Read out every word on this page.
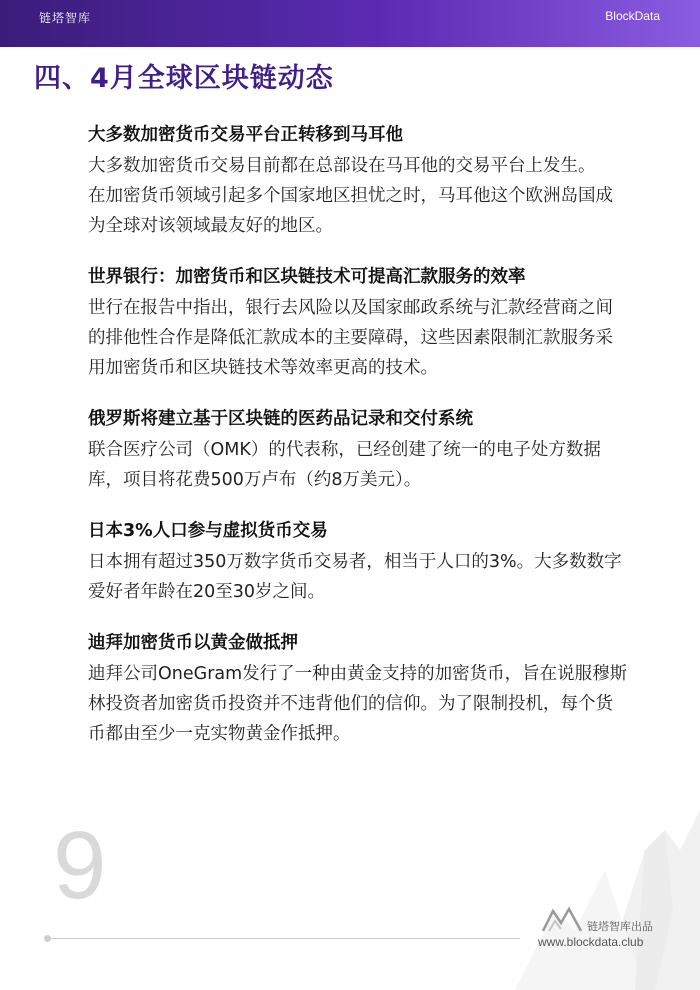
链塔智库	BlockData
四、4月全球区块链动态
大多数加密货币交易平台正转移到马耳他

大多数加密货币交易目前都在总部设在马耳他的交易平台上发生。

在加密货币领域引起多个国家地区担忧之时，马耳他这个欧洲岛国成为全球对该领域最友好的地区。

世界银行：加密货币和区块链技术可提高汇款服务的效率

世行在报告中指出，银行去风险以及国家邮政系统与汇款经营商之间的排他性合作是降低汇款成本的主要障碍，这些因素限制汇款服务采用加密货币和区块链技术等效率更高的技术。

俄罗斯将建立基于区块链的医药品记录和交付系统

联合医疗公司（OMK）的代表称，已经创建了统一的电子处方数据库，项目将花费500万卢布（约8万美元）。

日本3%人口参与虚拟货币交易

日本拥有超过350万数字货币交易者，相当于人口的3%。大多数数字爱好者年龄在20至30岁之间。

迪拜加密货币以黄金做抵押

迪拜公司OneGram发行了一种由黄金支持的加密货币，旨在说服穆斯林投资者加密货币投资并不违背他们的信仰。为了限制投机，每个货币都由至少一克实物黄金作抵押。

9
链塔智库出品
www.blockdata.club
